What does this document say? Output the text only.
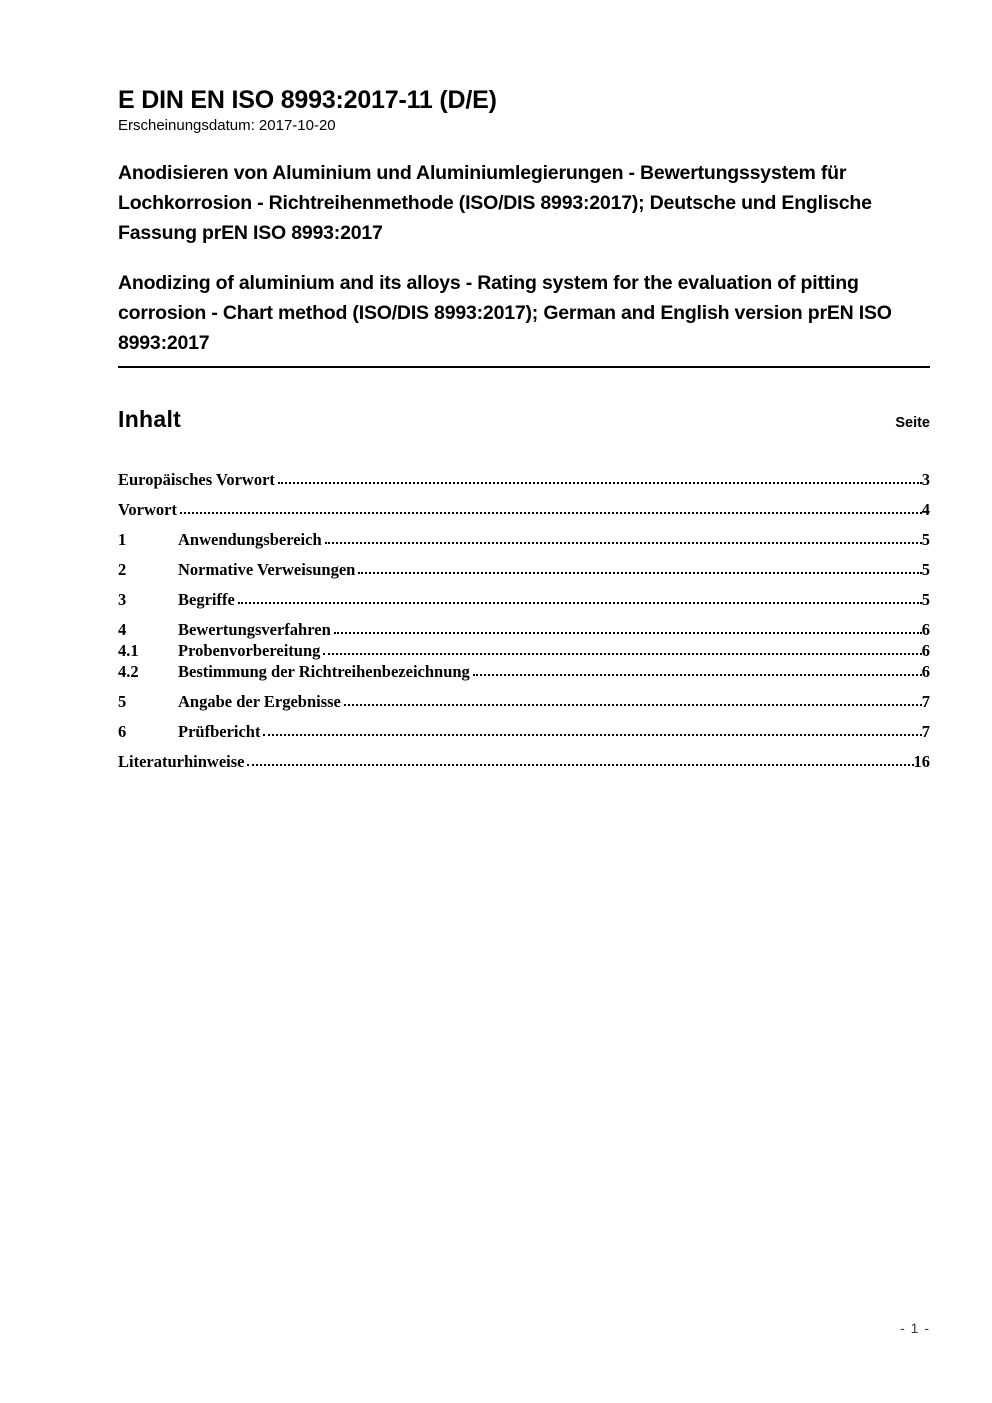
E DIN EN ISO 8993:2017-11 (D/E)
Erscheinungsdatum: 2017-10-20
Anodisieren von Aluminium und Aluminiumlegierungen - Bewertungssystem für Lochkorrosion - Richtreihenmethode (ISO/DIS 8993:2017); Deutsche und Englische Fassung prEN ISO 8993:2017
Anodizing of aluminium and its alloys - Rating system for the evaluation of pitting corrosion - Chart method (ISO/DIS 8993:2017); German and English version prEN ISO 8993:2017
Inhalt	Seite
Europäisches Vorwort	3
Vorwort	4
1	Anwendungsbereich	5
2	Normative Verweisungen	5
3	Begriffe	5
4	Bewertungsverfahren	6
4.1	Probenvorbereitung	6
4.2	Bestimmung der Richtreihenbezeichnung	6
5	Angabe der Ergebnisse	7
6	Prüfbericht	7
Literaturhinweise	16
- 1 -
